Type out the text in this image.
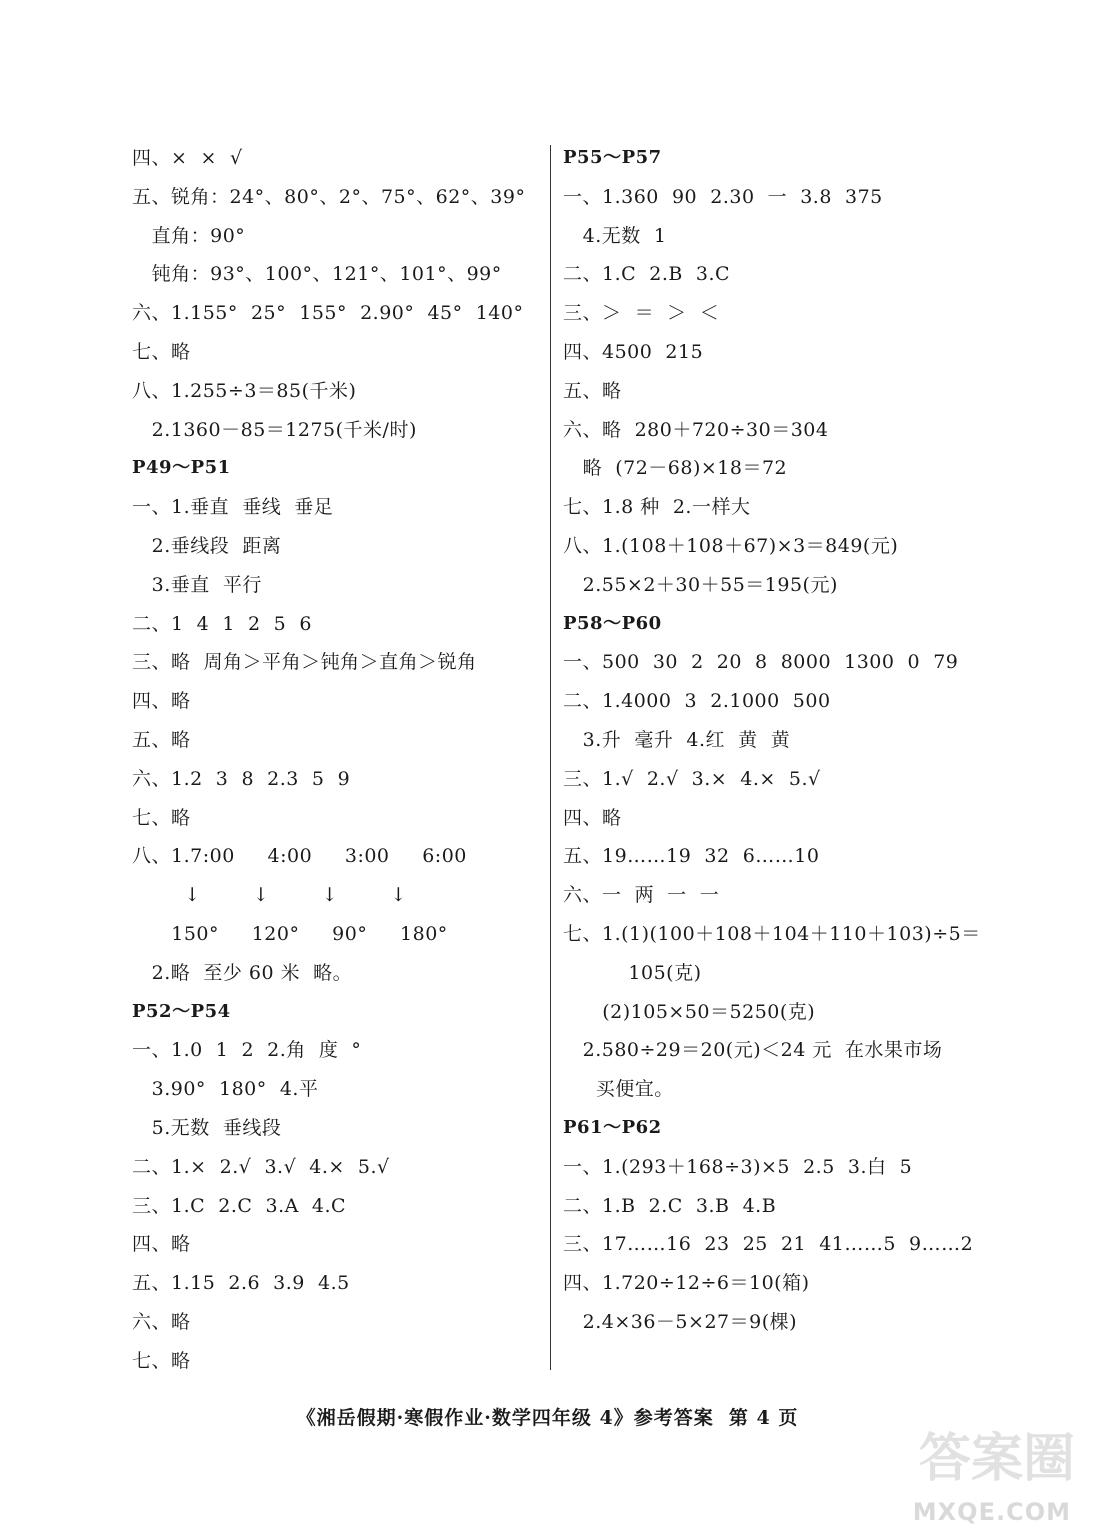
四、×  ×  √
五、锐角：24°、80°、2°、75°、62°、39°
直角：90°
钝角：93°、100°、121°、101°、99°
六、1.155°  25°  155°  2.90°  45°  140°
七、略
八、1.255÷3＝85(千米)
2.1360－85＝1275(千米/时)
P49～P51
一、1.垂直  垂线  垂足
2.垂线段  距离
3.垂直  平行
二、1  4  1  2  5  6
三、略  周角＞平角＞钝角＞直角＞锐角
四、略
五、略
六、1.2  3  8  2.3  5  9
七、略
八、1.7:00     4:00     3:00     6:00
↓        ↓        ↓        ↓
150°     120°     90°     180°
2.略  至少 60 米  略。
P52～P54
一、1.0  1  2  2.角  度  °
3.90°  180°  4.平
5.无数  垂线段
二、1.×  2.√  3.√  4.×  5.√
三、1.C  2.C  3.A  4.C
四、略
五、1.15  2.6  3.9  4.5
六、略
七、略
P55～P57
一、1.360  90  2.30  一  3.8  375
4.无数  1
二、1.C  2.B  3.C
三、＞  ＝  ＞  ＜
四、4500  215
五、略
六、略  280＋720÷30＝304
略  (72－68)×18＝72
七、1.8 种  2.一样大
八、1.(108＋108＋67)×3＝849(元)
2.55×2＋30＋55＝195(元)
P58～P60
一、500  30  2  20  8  8000  1300  0  79
二、1.4000  3  2.1000  500
3.升  毫升  4.红  黄  黄
三、1.√  2.√  3.×  4.×  5.√
四、略
五、19……19  32  6……10
六、一  两  一  一
七、1.(1)(100＋108＋104＋110＋103)÷5＝
105(克)
(2)105×50＝5250(克)
2.580÷29＝20(元)＜24 元  在水果市场
买便宜。
P61～P62
一、1.(293＋168÷3)×5  2.5  3.白  5
二、1.B  2.C  3.B  4.B
三、17……16  23  25  21  41……5  9……2
四、1.720÷12÷6＝10(箱)
2.4×36－5×27＝9(棵)
《湘岳假期·寒假作业·数学四年级 4》参考答案  第 4 页
答案圈
MXQE.COM
